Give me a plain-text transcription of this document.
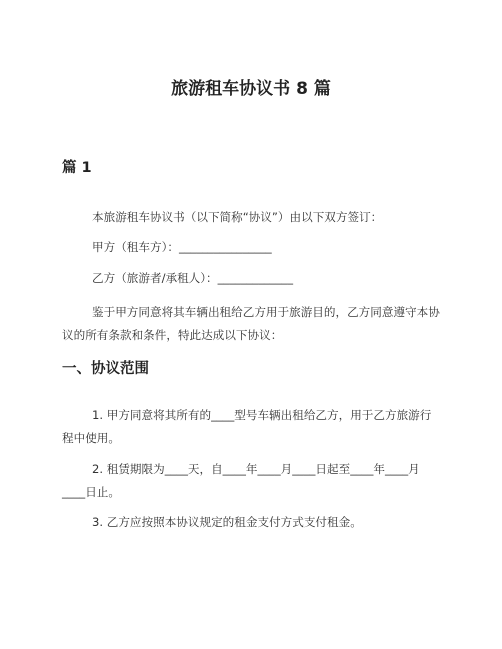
旅游租车协议书 8 篇
篇 1

本旅游租车协议书（以下简称“协议”）由以下双方签订：

甲方（租车方）：________________

乙方（旅游者/承租人）：_____________

鉴于甲方同意将其车辆出租给乙方用于旅游目的，乙方同意遵守本协议的所有条款和条件，特此达成以下协议：

一、协议范围

1. 甲方同意将其所有的____型号车辆出租给乙方，用于乙方旅游行程中使用。

2. 租赁期限为____天，自____年____月____日起至____年____月____日止。

3. 乙方应按照本协议规定的租金支付方式支付租金。
